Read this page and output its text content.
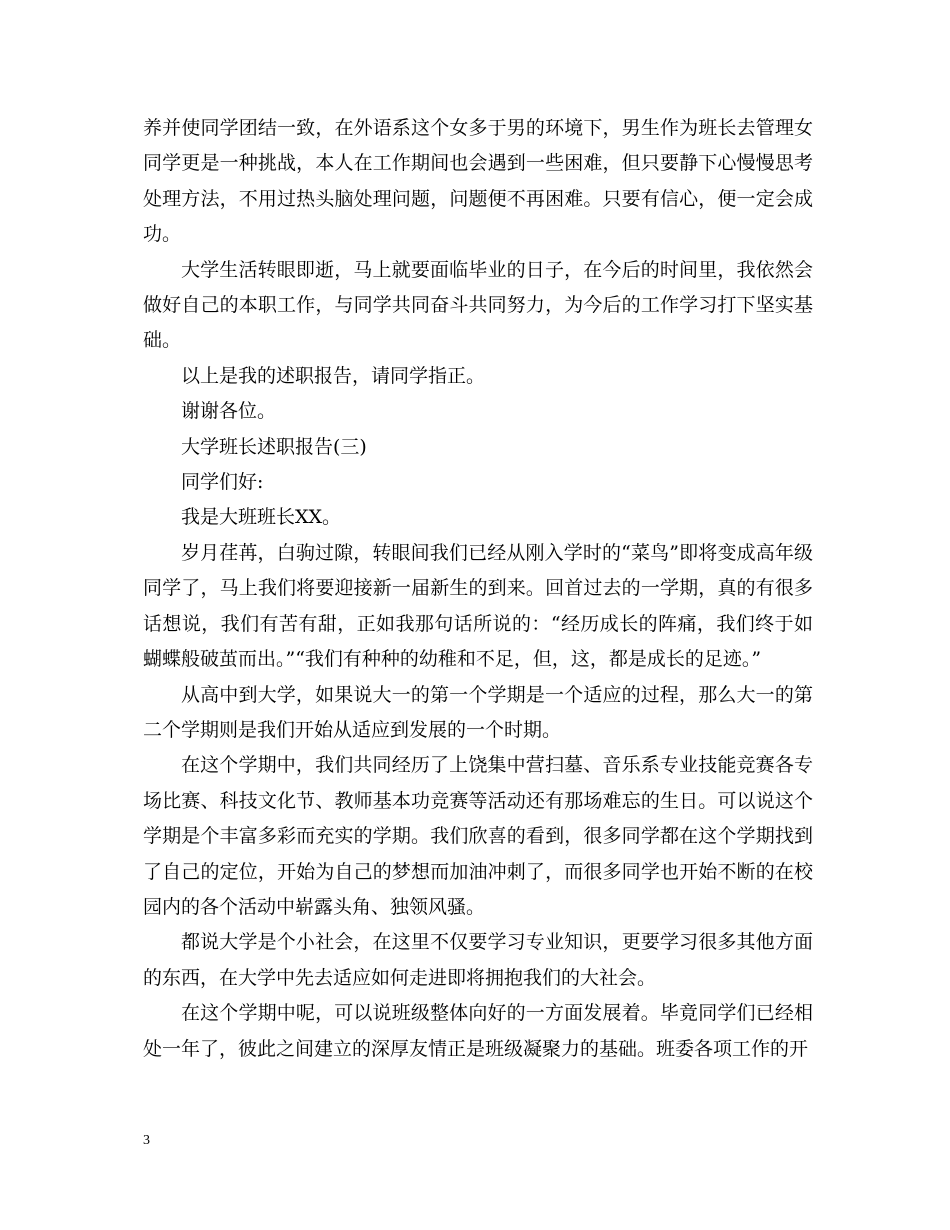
养并使同学团结一致，在外语系这个女多于男的环境下，男生作为班长去管理女同学更是一种挑战，本人在工作期间也会遇到一些困难，但只要静下心慢慢思考处理方法，不用过热头脑处理问题，问题便不再困难。只要有信心，便一定会成功。

大学生活转眼即逝，马上就要面临毕业的日子，在今后的时间里，我依然会做好自己的本职工作，与同学共同奋斗共同努力，为今后的工作学习打下坚实基础。

以上是我的述职报告，请同学指正。

谢谢各位。

大学班长述职报告(三)

同学们好:

我是大班班长XX。

岁月荏苒，白驹过隙，转眼间我们已经从刚入学时的“菜鸟”即将变成高年级同学了，马上我们将要迎接新一届新生的到来。回首过去的一学期，真的有很多话想说，我们有苦有甜，正如我那句话所说的：“经历成长的阵痛，我们终于如蝴蝶般破茧而出。”“我们有种种的幼稚和不足，但，这，都是成长的足迹。”

从高中到大学，如果说大一的第一个学期是一个适应的过程，那么大一的第二个学期则是我们开始从适应到发展的一个时期。

在这个学期中，我们共同经历了上饶集中营扫墓、音乐系专业技能竞赛各专场比赛、科技文化节、教师基本功竞赛等活动还有那场难忘的生日。可以说这个学期是个丰富多彩而充实的学期。我们欣喜的看到，很多同学都在这个学期找到了自己的定位，开始为自己的梦想而加油冲刺了，而很多同学也开始不断的在校园内的各个活动中崭露头角、独领风骚。

都说大学是个小社会，在这里不仅要学习专业知识，更要学习很多其他方面的东西，在大学中先去适应如何走进即将拥抱我们的大社会。

在这个学期中呢，可以说班级整体向好的一方面发展着。毕竟同学们已经相处一年了，彼此之间建立的深厚友情正是班级凝聚力的基础。班委各项工作的开

3
